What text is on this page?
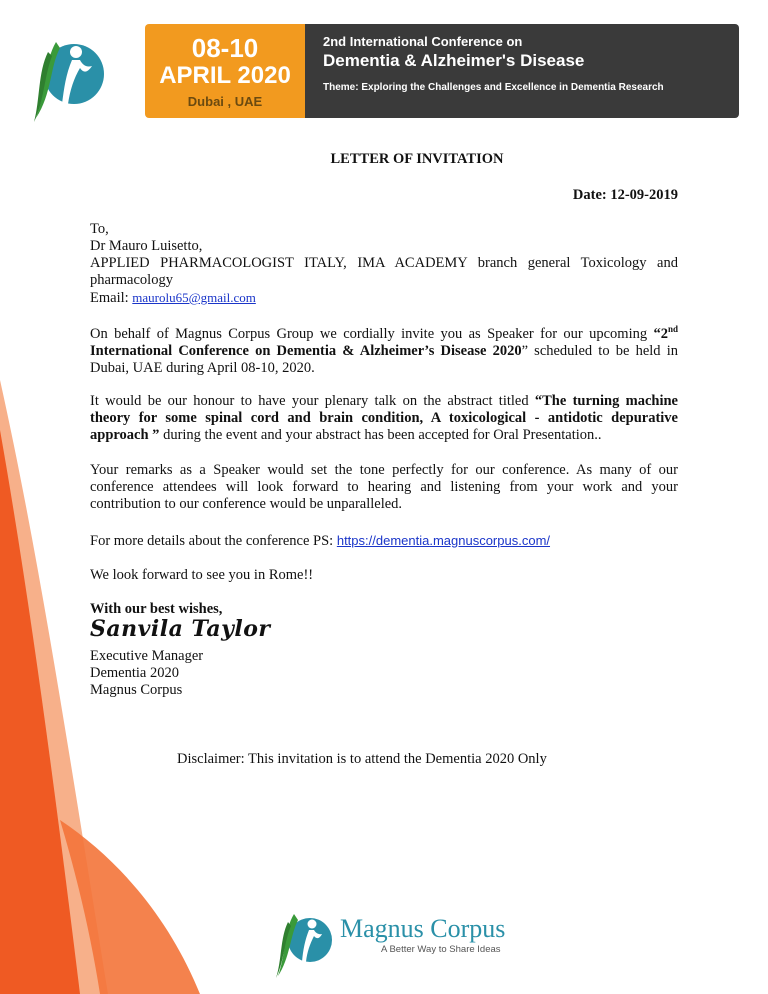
08-10
APRIL 2020
Dubai , UAE
2nd International Conference on
Dementia & Alzheimer's Disease
Theme: Exploring the Challenges and Excellence in Dementia Research
LETTER OF INVITATION
Date: 12-09-2019
To,
Dr Mauro Luisetto,
APPLIED PHARMACOLOGIST ITALY, IMA ACADEMY branch general Toxicology and pharmacology
Email: maurolu65@gmail.com
On behalf of Magnus Corpus Group we cordially invite you as Speaker for our upcoming “2nd International Conference on Dementia & Alzheimer’s Disease 2020” scheduled to be held in Dubai, UAE during April 08-10, 2020.
It would be our honour to have your plenary talk on the abstract titled “The turning machine theory for some spinal cord and brain condition, A toxicological - antidotic depurative approach ” during the event and your abstract has been accepted for Oral Presentation..
Your remarks as a Speaker would set the tone perfectly for our conference. As many of our conference attendees will look forward to hearing and listening from your work and your contribution to our conference would be unparalleled.
For more details about the conference PS: https://dementia.magnuscorpus.com/
We look forward to see you in Rome!!
With our best wishes,
Sanvila Taylor
Executive Manager
Dementia 2020
Magnus Corpus
Disclaimer: This invitation is to attend the Dementia 2020 Only
Magnus Corpus
A Better Way to Share Ideas
